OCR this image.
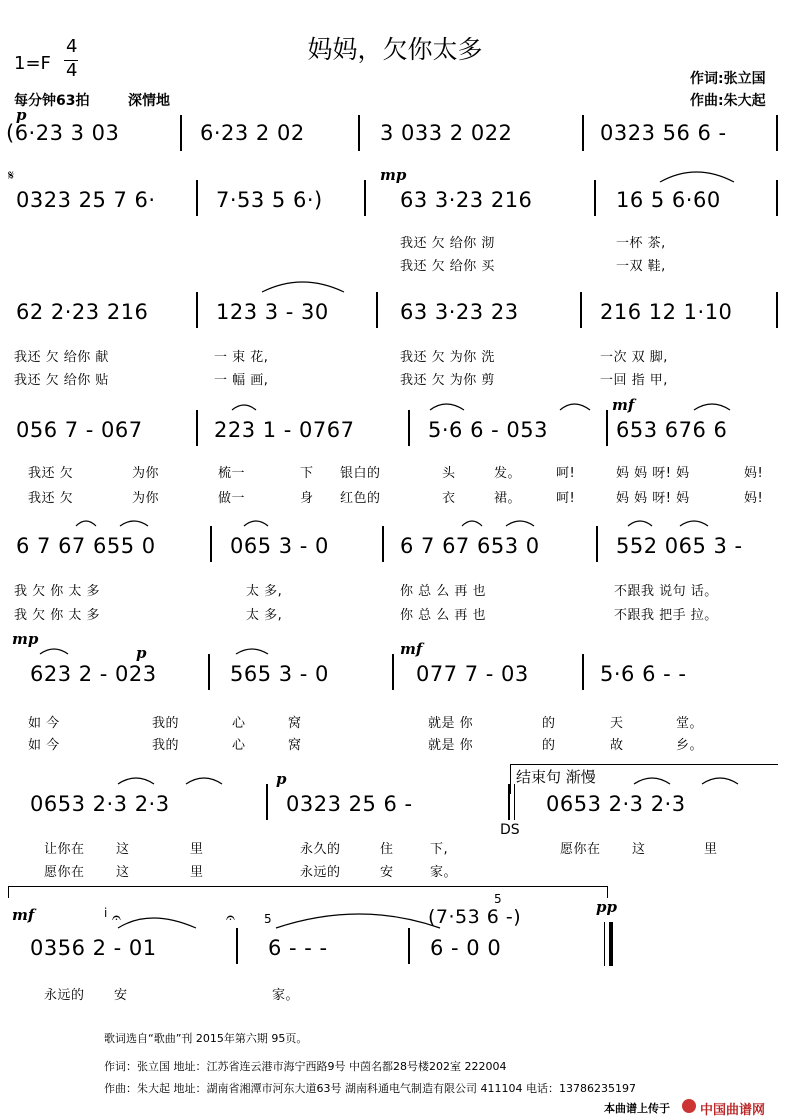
妈妈，欠你太多
1=F
4
4
每分钟63拍	深情地
作词:张立国
作曲:朱大起
p
(6·23 3 03	6·23 2 02	3 033 2 022	0323 56 6 -
𝄋
0323 25 7 6·	7·53 5 6·)
mp
63 3·23 216	16 5 6·60
我还 欠 给你 沏	一杯 茶,
我还 欠 给你 买	一双 鞋,
62 2·23 216	123 3 - 30	63 3·23 23	216 12 1·10
我还 欠 给你 献	一 束 花,	我还 欠 为你 洗	一次 双 脚,
我还 欠 给你 贴	一 幅 画,	我还 欠 为你 剪	一回 指 甲,
056 7 - 067	223 1 - 0767	5·6 6 - 053
mf
653 676 6
我还 欠	为你	梳一	下 银白的	头	发。	呵!	妈 妈 呀! 妈	妈!
我还 欠	为你	做一	身 红色的	衣	裙。	呵!	妈 妈 呀! 妈	妈!
6 7 67 655 0	065 3 - 0	6 7 67 653 0	552 065 3 -
我 欠 你 太 多	太 多,	你 总 么 再 也	不跟我 说句 话。
我 欠 你 太 多	太 多,	你 总 么 再 也	不跟我 把手 拉。
mp
p
623 2 - 023	565 3 - 0
mf
077 7 - 03	5·6 6 - -
如 今	我的	心	窝	就是 你	的	天	堂。
如 今	我的	心	窝	就是 你	的	故	乡。
结束句 渐慢
p
0653 2·3 2·3	0323 25 6 -	0653 2·3 2·3
DS
让你在 这	里	永久的	住	下,	愿你在 这	里
愿你在 这	里	永远的	安	家。
mf	pp
i	5
5
𝄐	𝄐
0356 2 - 01	6 - - -
(7·53 6 -)
6 - 0 0
永远的 安	家。
歌词选自“歌曲”刊 2015年第六期 95页。
作词：张立国 地址：江苏省连云港市海宁西路9号 中茵名都28号楼202室 222004
作曲：朱大起 地址：湖南省湘潭市河东大道63号 湖南科通电气制造有限公司 411104 电话：13786235197
本曲谱上传于 中国曲谱网
